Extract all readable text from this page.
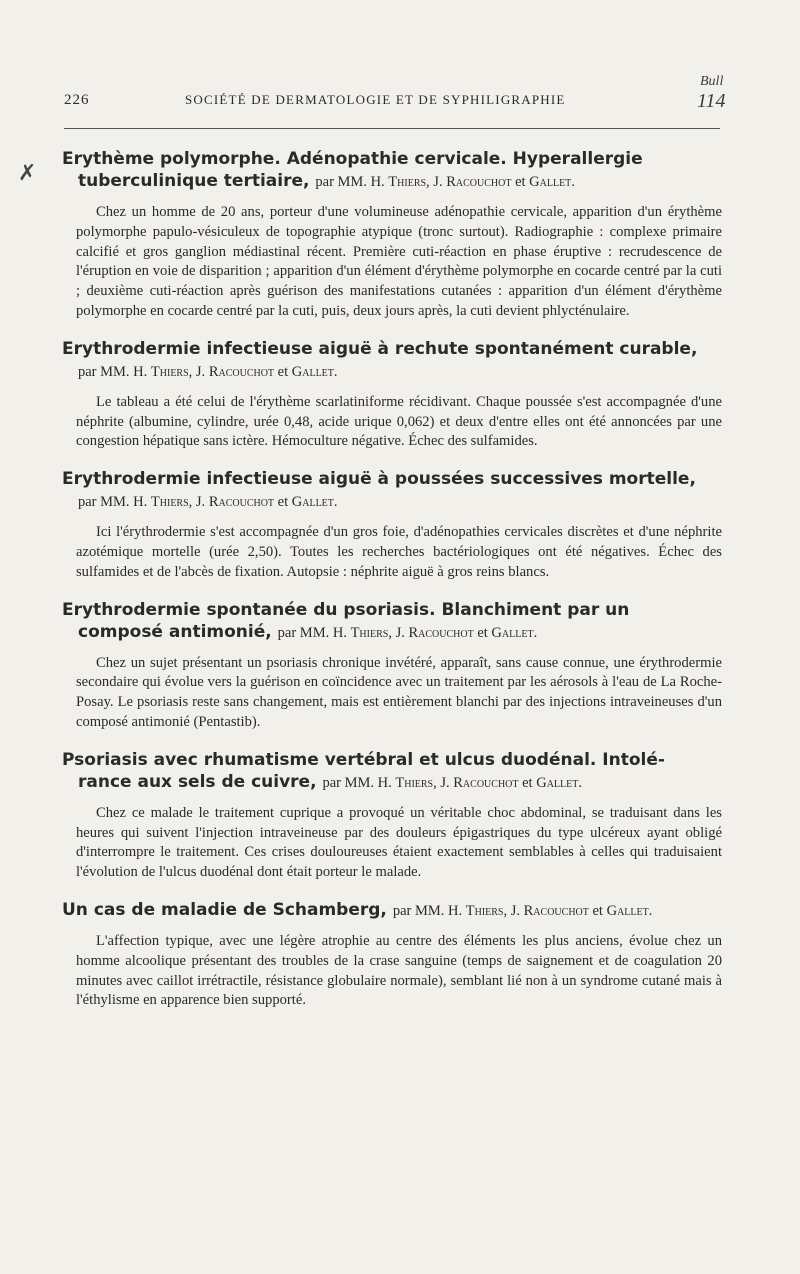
Bull
226	SOCIÉTÉ DE DERMATOLOGIE ET DE SYPHILIGRAPHIE	114
✗

Erythème polymorphe. Adénopathie cervicale. Hyperallergie
tuberculinique tertiaire, par MM. H. Thiers, J. Racouchot et Gallet.

Chez un homme de 20 ans, porteur d'une volumineuse adénopathie cervicale, apparition d'un érythème polymorphe papulo-vésiculeux de topographie atypique (tronc surtout). Radiographie : complexe primaire calcifié et gros ganglion médiastinal récent. Première cuti-réaction en phase éruptive : recrudescence de l'éruption en voie de disparition ; apparition d'un élément d'érythème polymorphe en cocarde centré par la cuti ; deuxième cuti-réaction après guérison des manifestations cutanées : apparition d'un élément d'érythème polymorphe en cocarde centré par la cuti, puis, deux jours après, la cuti devient phlycténulaire.

Erythrodermie infectieuse aiguë à rechute spontanément curable,
par MM. H. Thiers, J. Racouchot et Gallet.

Le tableau a été celui de l'érythème scarlatiniforme récidivant. Chaque poussée s'est accompagnée d'une néphrite (albumine, cylindre, urée 0,48, acide urique 0,062) et deux d'entre elles ont été annoncées par une congestion hépatique sans ictère. Hémoculture négative. Échec des sulfamides.

Erythrodermie infectieuse aiguë à poussées successives mortelle,
par MM. H. Thiers, J. Racouchot et Gallet.

Ici l'érythrodermie s'est accompagnée d'un gros foie, d'adénopathies cervicales discrètes et d'une néphrite azotémique mortelle (urée 2,50). Toutes les recherches bactériologiques ont été négatives. Échec des sulfamides et de l'abcès de fixation. Autopsie : néphrite aiguë à gros reins blancs.

Erythrodermie spontanée du psoriasis. Blanchiment par un
composé antimonié, par MM. H. Thiers, J. Racouchot et Gallet.

Chez un sujet présentant un psoriasis chronique invétéré, apparaît, sans cause connue, une érythrodermie secondaire qui évolue vers la guérison en coïncidence avec un traitement par les aérosols à l'eau de La Roche-Posay. Le psoriasis reste sans changement, mais est entièrement blanchi par des injections intraveineuses d'un composé antimonié (Pentastib).

Psoriasis avec rhumatisme vertébral et ulcus duodénal. Intolé-
rance aux sels de cuivre, par MM. H. Thiers, J. Racouchot et Gallet.

Chez ce malade le traitement cuprique a provoqué un véritable choc abdominal, se traduisant dans les heures qui suivent l'injection intraveineuse par des douleurs épigastriques du type ulcéreux ayant obligé d'interrompre le traitement. Ces crises douloureuses étaient exactement semblables à celles qui traduisaient l'évolution de l'ulcus duodénal dont était porteur le malade.

Un cas de maladie de Schamberg, par MM. H. Thiers, J. Racouchot et Gallet.

L'affection typique, avec une légère atrophie au centre des éléments les plus anciens, évolue chez un homme alcoolique présentant des troubles de la crase sanguine (temps de saignement et de coagulation 20 minutes avec caillot irrétractile, résistance globulaire normale), semblant lié non à un syndrome cutané mais à l'éthylisme en apparence bien supporté.
